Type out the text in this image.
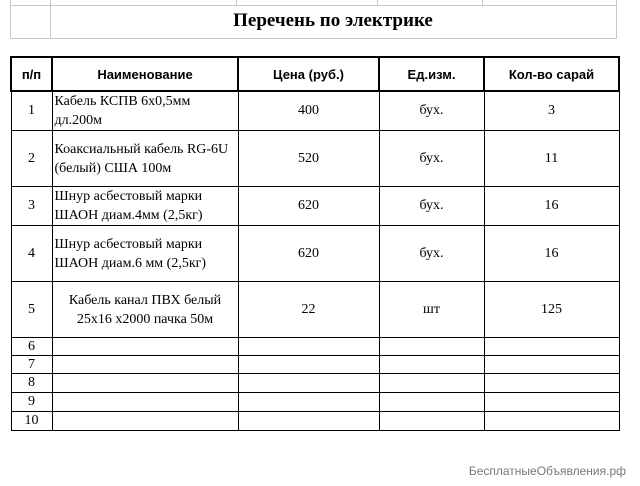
Перечень по электрике
п/п	Наименование	Цена (руб.)	Ед.изм.	Кол-во сарай
1	Кабель КСПВ 6х0,5мм дл.200м	400	бух.	3
2	Коаксиальный кабель RG-6U (белый) США 100м	520	бух.	11
3	Шнур асбестовый марки ШАОН диам.4мм (2,5кг)	620	бух.	16
4	Шнур асбестовый марки ШАОН диам.6 мм (2,5кг)	620	бух.	16
5	Кабель канал ПВХ белый 25х16 х2000 пачка 50м	22	шт	125
6				
7				
8				
9				
10				
БесплатныеОбъявления.рф
